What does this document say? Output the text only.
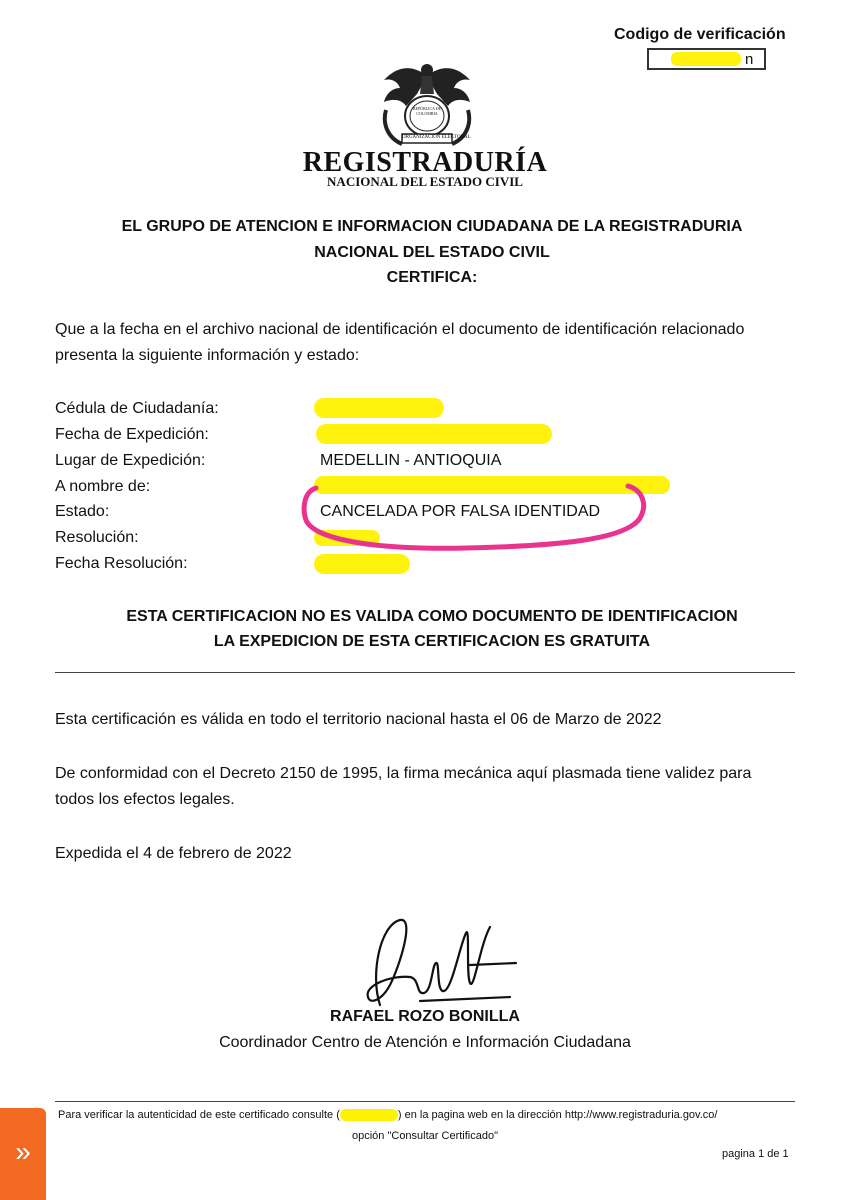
Codigo de verificación
n
REPÚBLICA DE COLOMBIA
ORGANIZACIÓN ELECTORAL
REGISTRADURÍA
NACIONAL DEL ESTADO CIVIL
EL GRUPO DE ATENCION E INFORMACION CIUDADANA DE LA REGISTRADURIA
NACIONAL DEL ESTADO CIVIL
CERTIFICA:
Que a la fecha en el archivo nacional de identificación el documento de identificación relacionado
presenta la siguiente información y estado:
Cédula de Ciudadanía:
Fecha de Expedición:
Lugar de Expedición:
A nombre de:
Estado:
Resolución:
Fecha Resolución:
MEDELLIN - ANTIOQUIA
CANCELADA POR FALSA IDENTIDAD
ESTA CERTIFICACION NO ES VALIDA COMO DOCUMENTO DE IDENTIFICACION
LA EXPEDICION DE ESTA CERTIFICACION ES GRATUITA
Esta certificación es válida en todo el territorio nacional hasta el 06 de Marzo de 2022
De conformidad con el Decreto 2150 de 1995, la firma mecánica aquí plasmada tiene validez para
todos los efectos legales.
Expedida el 4 de febrero de 2022
RAFAEL ROZO BONILLA
Coordinador Centro de Atención e Información Ciudadana
Para verificar la autenticidad de este certificado consulte (	) en la pagina web en la dirección http://www.registraduria.gov.co/
opción "Consultar Certificado"
pagina 1 de 1
»
